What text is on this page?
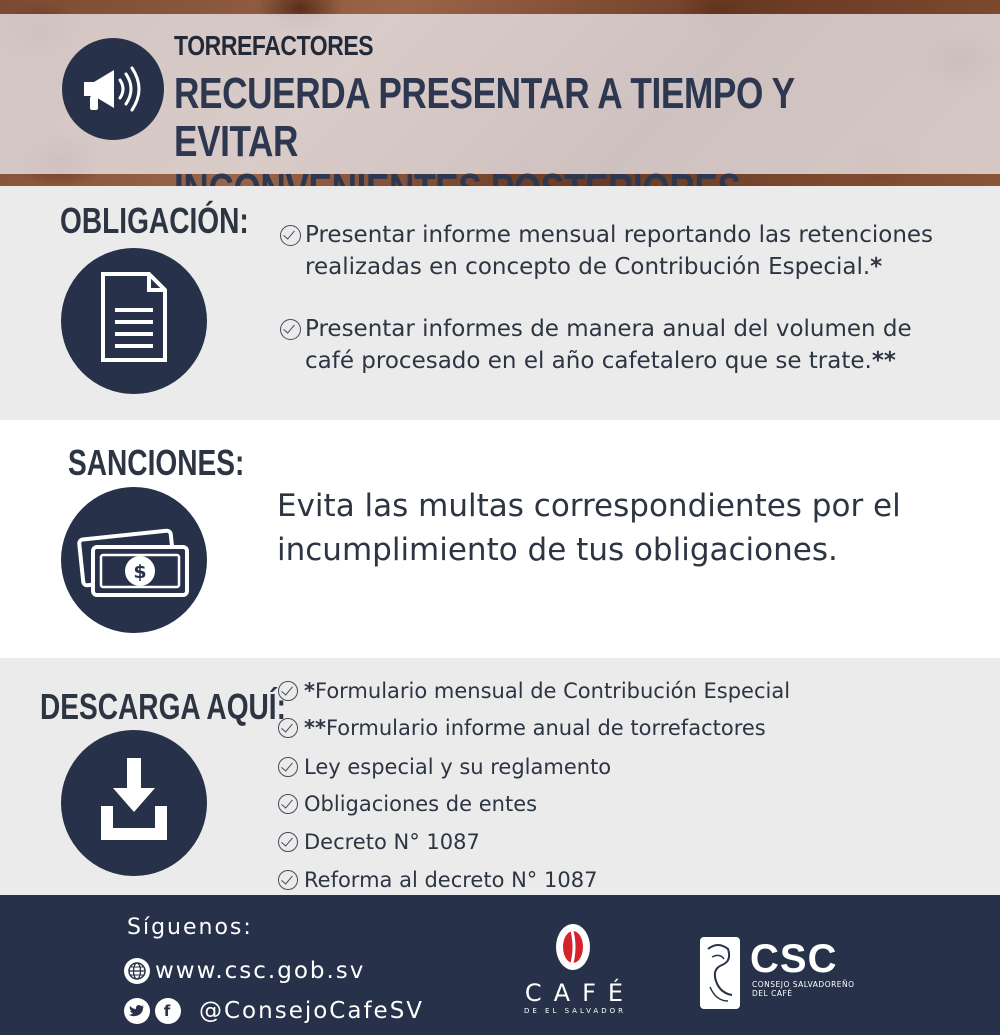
TORREFACTORES
RECUERDA PRESENTAR A TIEMPO Y EVITAR
OBLIGACIÓN: Presentar informe mensual reportando las retenciones
realizadas en concepto de Contribución Especial.*
Presentar informes de manera anual del volumen de
café procesado en el año cafetalero que se trate.**
SANCIONES:
$
Evita las multas correspondientes por el
incumplimiento de tus obligaciones.
DESCARGA AQUÍ: * Formulario mensual de Contribución Especial
** Formulario informe anual de torrefactores
Ley especial y su reglamento
Obligaciones de entes
Decreto N° 1087
Reforma al decreto N° 1087
Síguenos:
www.csc.gob.sv
f	@ConsejoCafeSV
CAFÉ
DE EL SALVADOR
CSC
CONSEJO SALVADOREÑO DEL CAFÉ
